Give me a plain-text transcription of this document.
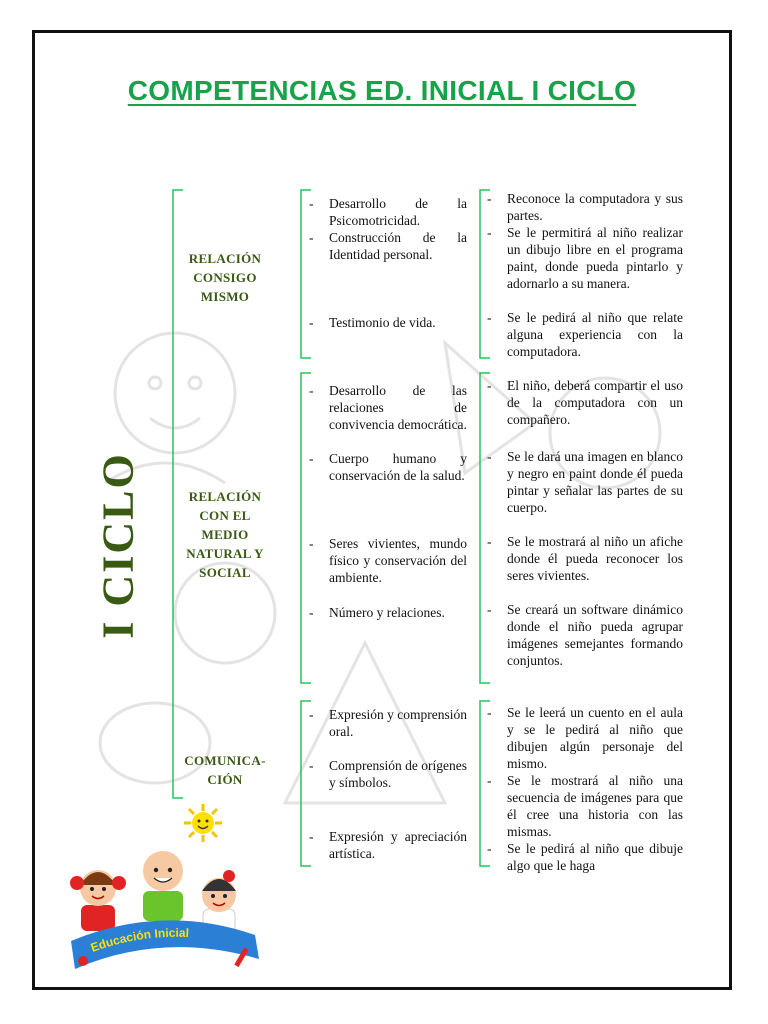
COMPETENCIAS ED. INICIAL I CICLO
I CICLO
RELACIÓN CONSIGO MISMO
RELACIÓN CON EL MEDIO NATURAL Y SOCIAL
COMUNICA- CIÓN
- Desarrollo de la Psicomotricidad.
- Construcción de la Identidad personal.
- Testimonio de vida.
- Desarrollo de las relaciones de convivencia democrática.
- Cuerpo humano y conservación de la salud.
- Seres vivientes, mundo físico y conservación del ambiente.
- Número y relaciones.
- Expresión y comprensión oral.
- Comprensión de orígenes y símbolos.
- Expresión y apreciación artística.
- Reconoce la computadora y sus partes.
- Se le permitirá al niño realizar un dibujo libre en el programa paint, donde pueda pintarlo y adornarlo a su manera.
- Se le pedirá al niño que relate alguna experiencia con la computadora.
- El niño, deberá compartir el uso de la computadora con un compañero.
- Se le dará una imagen en blanco y negro en paint donde él pueda pintar y señalar las partes de su cuerpo.
- Se le mostrará al niño un afiche donde él pueda reconocer los seres vivientes.
- Se creará un software dinámico donde el niño pueda agrupar imágenes semejantes formando conjuntos.
- Se le leerá un cuento en el aula y se le pedirá al niño que dibujen algún personaje del mismo.
- Se le mostrará al niño una secuencia de imágenes para que él cree una historia con las mismas.
- Se le pedirá al niño que dibuje algo que le haga
Educación Inicial
